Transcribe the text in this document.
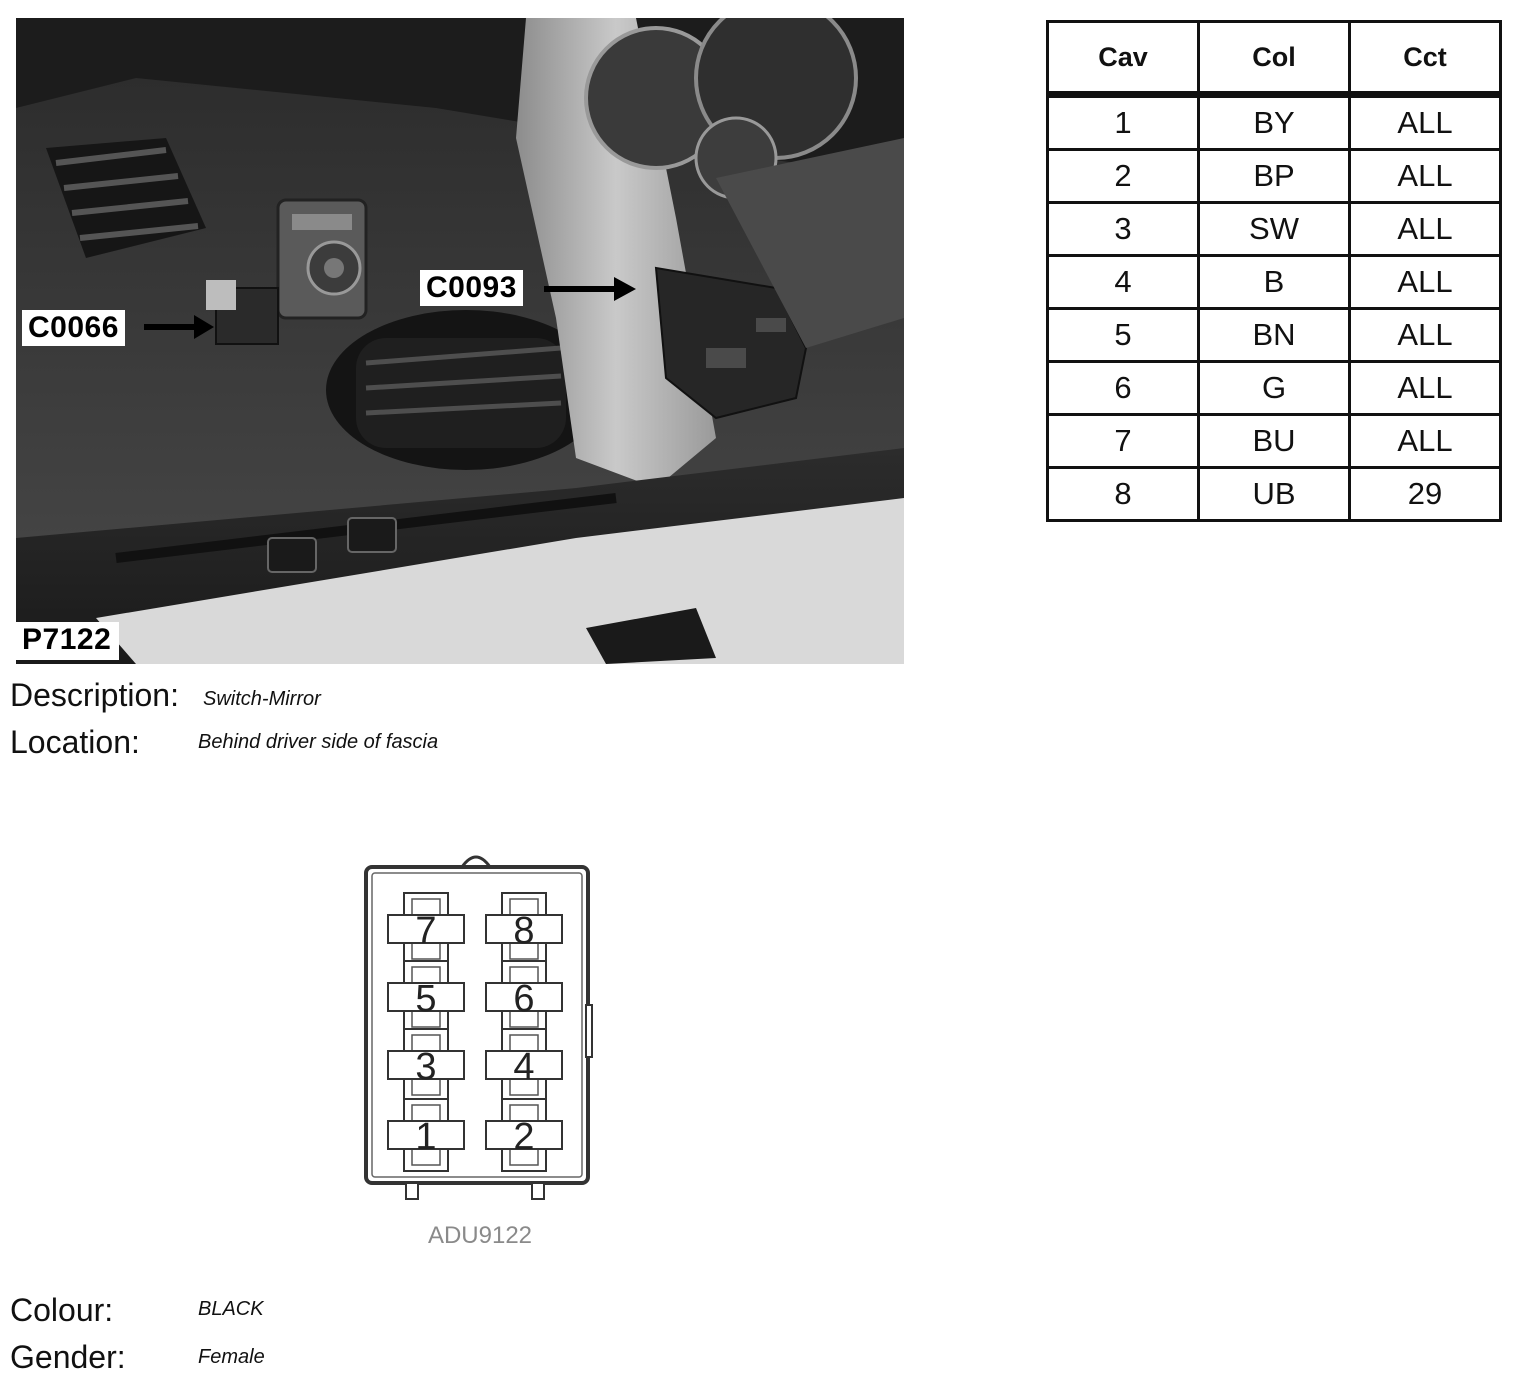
C0066
C0093
P7122
Cav	Col	Cct
1	BY	ALL
2	BP	ALL
3	SW	ALL
4	B	ALL
5	BN	ALL
6	G	ALL
7	BU	ALL
8	UB	29
Description: Switch-Mirror
Location:	Behind driver side of fascia
7 8
5 6
3 4
1 2
ADU9122
Colour:	BLACK
Gender:	Female
